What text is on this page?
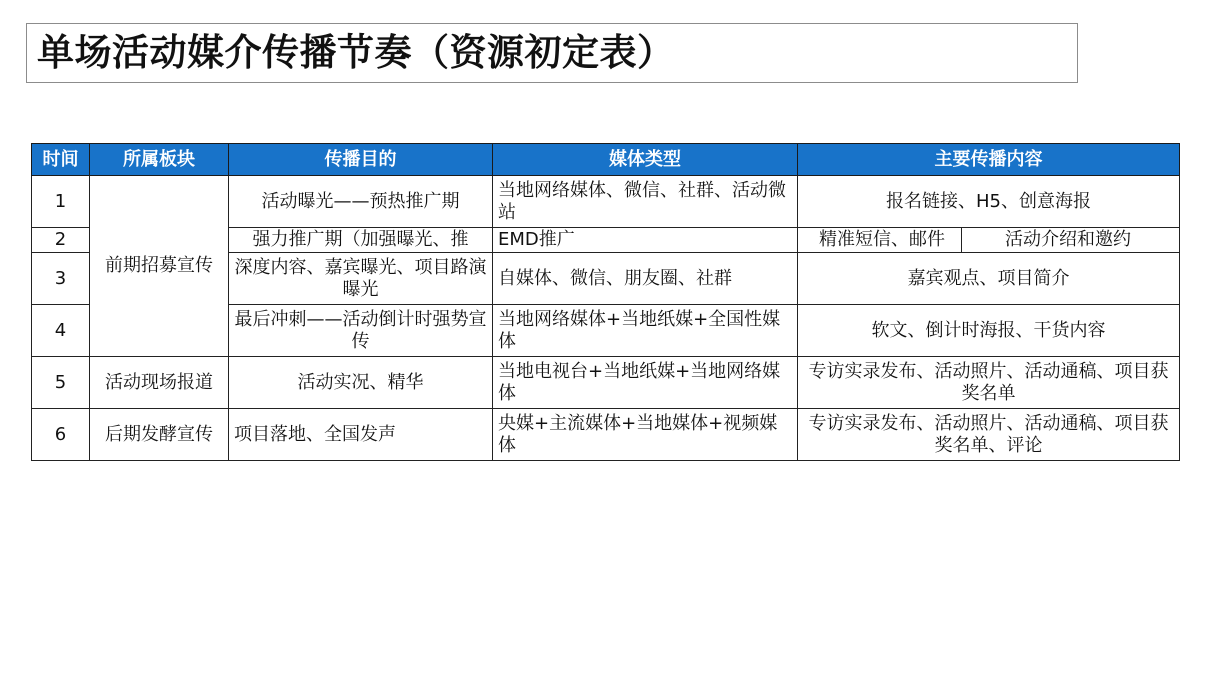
单场活动媒介传播节奏（资源初定表）
时间	所属板块	传播目的	媒体类型	主要传播内容
1	前期招募宣传	活动曝光——预热推广期	当地网络媒体、微信、社群、活动微站	报名链接、H5、创意海报
2		强力推广期（加强曝光、推	EMD推广	精准短信、邮件 活动介绍和邀约

3		深度内容、嘉宾曝光、项目路演曝光	自媒体、微信、朋友圈、社群	嘉宾观点、项目简介
4		最后冲刺——活动倒计时强势宣传	当地网络媒体+当地纸媒+全国性媒体	软文、倒计时海报、干货内容
5	活动现场报道	活动实况、精华	当地电视台+当地纸媒+当地网络媒体	专访实录发布、活动照片、活动通稿、项目获奖名单
6	后期发酵宣传	项目落地、全国发声	央媒+主流媒体+当地媒体+视频媒体	专访实录发布、活动照片、活动通稿、项目获奖名单、评论
